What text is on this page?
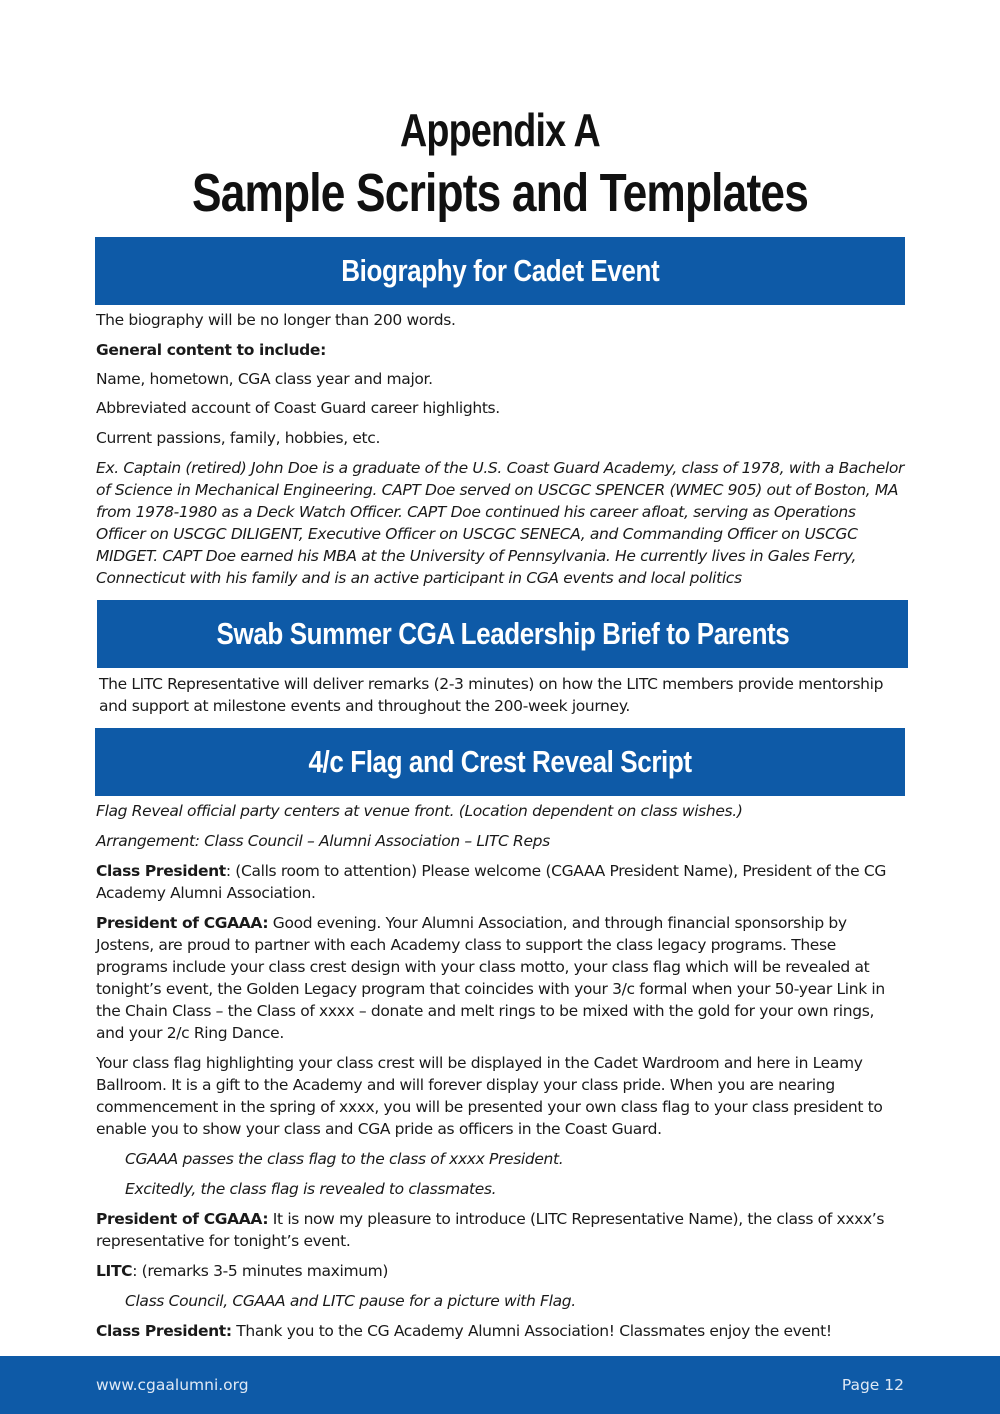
Appendix A
Sample Scripts and Templates
Biography for Cadet Event

The biography will be no longer than 200 words.

General content to include:

Name, hometown, CGA class year and major.

Abbreviated account of Coast Guard career highlights.

Current passions, family, hobbies, etc.

Ex. Captain (retired) John Doe is a graduate of the U.S. Coast Guard Academy, class of 1978, with a Bachelor of Science in Mechanical Engineering. CAPT Doe served on USCGC SPENCER (WMEC 905) out of Boston, MA from 1978-1980 as a Deck Watch Officer. CAPT Doe continued his career afloat, serving as Operations Officer on USCGC DILIGENT, Executive Officer on USCGC SENECA, and Commanding Officer on USCGC MIDGET. CAPT Doe earned his MBA at the University of Pennsylvania. He currently lives in Gales Ferry, Connecticut with his family and is an active participant in CGA events and local politics

Swab Summer CGA Leadership Brief to Parents

The LITC Representative will deliver remarks (2-3 minutes) on how the LITC members provide mentorship and support at milestone events and throughout the 200-week journey.

4/c Flag and Crest Reveal Script

Flag Reveal official party centers at venue front. (Location dependent on class wishes.)

Arrangement: Class Council – Alumni Association – LITC Reps

Class President: (Calls room to attention) Please welcome (CGAAA President Name), President of the CG Academy Alumni Association.

President of CGAAA: Good evening. Your Alumni Association, and through financial sponsorship by Jostens, are proud to partner with each Academy class to support the class legacy programs. These programs include your class crest design with your class motto, your class flag which will be revealed at tonight’s event, the Golden Legacy program that coincides with your 3/c formal when your 50-year Link in the Chain Class – the Class of xxxx – donate and melt rings to be mixed with the gold for your own rings, and your 2/c Ring Dance.

Your class flag highlighting your class crest will be displayed in the Cadet Wardroom and here in Leamy Ballroom. It is a gift to the Academy and will forever display your class pride. When you are nearing commencement in the spring of xxxx, you will be presented your own class flag to your class president to enable you to show your class and CGA pride as officers in the Coast Guard.

CGAAA passes the class flag to the class of xxxx President.

Excitedly, the class flag is revealed to classmates.

President of CGAAA: It is now my pleasure to introduce (LITC Representative Name), the class of xxxx’s representative for tonight’s event.

LITC: (remarks 3-5 minutes maximum)

Class Council, CGAAA and LITC pause for a picture with Flag.

Class President: Thank you to the CG Academy Alumni Association! Classmates enjoy the event!

www.cgaalumni.org	Page 12
